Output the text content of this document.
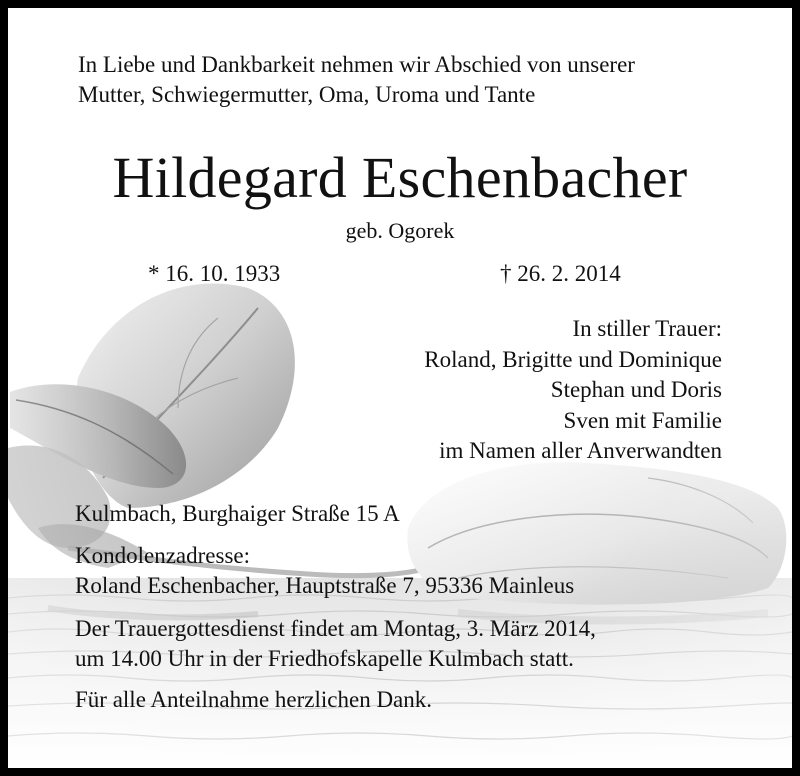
In Liebe und Dankbarkeit nehmen wir Abschied von unserer
Mutter, Schwiegermutter, Oma, Uroma und Tante
Hildegard Eschenbacher
geb. Ogorek
* 16. 10. 1933	† 26. 2. 2014
In stiller Trauer:
Roland, Brigitte und Dominique
Stephan und Doris
Sven mit Familie
im Namen aller Anverwandten
Kulmbach, Burghaiger Straße 15 A
Kondolenzadresse:
Roland Eschenbacher, Hauptstraße 7, 95336 Mainleus
Der Trauergottesdienst findet am Montag, 3. März 2014,
um 14.00 Uhr in der Friedhofskapelle Kulmbach statt.
Für alle Anteilnahme herzlichen Dank.
